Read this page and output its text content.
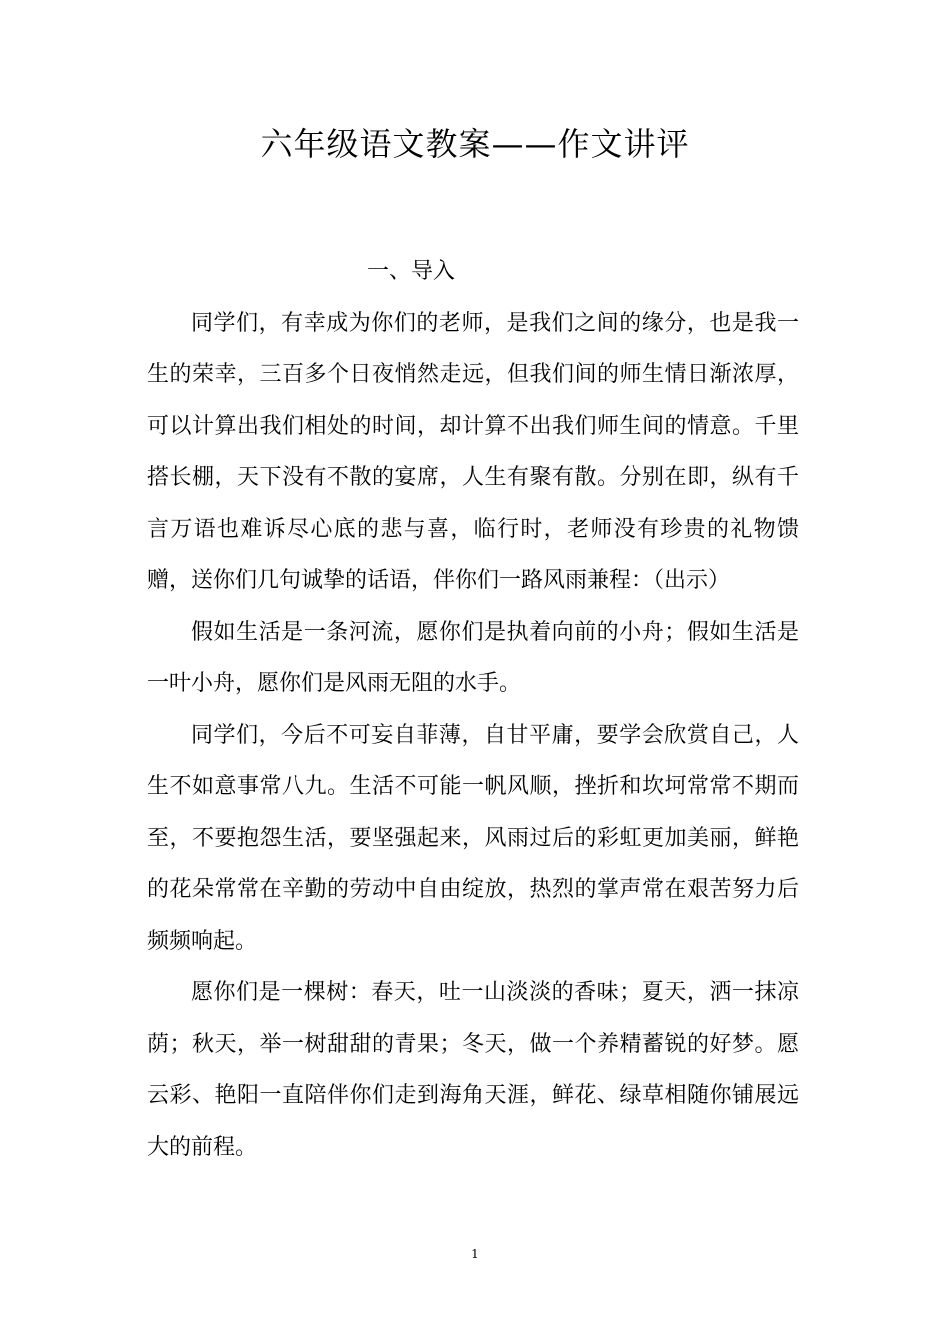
六年级语文教案——作文讲评

一、导入

同学们，有幸成为你们的老师，是我们之间的缘分，也是我一生的荣幸，三百多个日夜悄然走远，但我们间的师生情日渐浓厚，可以计算出我们相处的时间，却计算不出我们师生间的情意。千里搭长棚，天下没有不散的宴席，人生有聚有散。分别在即，纵有千言万语也难诉尽心底的悲与喜，临行时，老师没有珍贵的礼物馈赠，送你们几句诚挚的话语，伴你们一路风雨兼程：（出示）

假如生活是一条河流，愿你们是执着向前的小舟；假如生活是一叶小舟，愿你们是风雨无阻的水手。

同学们，今后不可妄自菲薄，自甘平庸，要学会欣赏自己，人生不如意事常八九。生活不可能一帆风顺，挫折和坎坷常常不期而至，不要抱怨生活，要坚强起来，风雨过后的彩虹更加美丽，鲜艳的花朵常常在辛勤的劳动中自由绽放，热烈的掌声常在艰苦努力后频频响起。

愿你们是一棵树：春天，吐一山淡淡的香味；夏天，洒一抹凉荫；秋天，举一树甜甜的青果；冬天，做一个养精蓄锐的好梦。愿云彩、艳阳一直陪伴你们走到海角天涯，鲜花、绿草相随你铺展远大的前程。

1
